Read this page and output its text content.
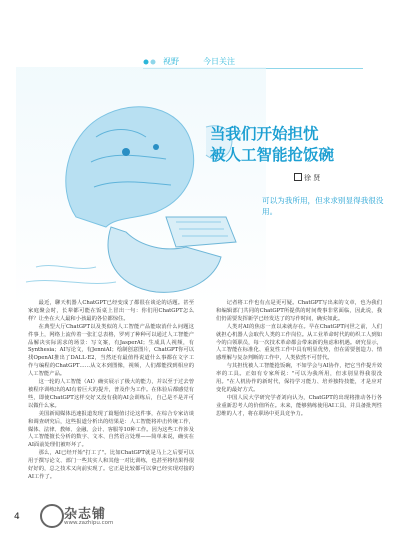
视野	今日关注
当我们开始担忧
被人工智能抢饭碗
徐 贤
可以为我所用，但求求别显得我很没用。

最近，聊天机器人ChatGPT已经变成了都很在谈论的话题。甚至家庭聚会时，长辈都可能在饭桌上冒出一句：你们用ChatGPT怎么样？让坐在大人最和小孩最的各位都惊住。

在典型大厅ChatGPT以及类似的人工智能产品能取消什么问题这件事上，网络上流传着一张汇总表格，罗列了种种可以通过人工智能产品解决实际需求的场景：写文案，有JasperAI；生成具人视频，有Synthesia；AI写论文，有JenniAI；绘制创意图片，ChatGPT你可以找OpenAI推出了DALL·E2，当然还有最值得说道什么事都在文字工作与编程的ChatGPT……从文本到图像，视频，人们都能找到相应的人工智能产品。

这一轮的人工智能（AI）确实展示了极大的能力，并以至于过去曾被程序训练出的AI有着巨大的提升，普及作为工作。在体验后都感觉有些，即使ChatGPT这样交好又没有我的AI会训练后，自己是不是并可以做什么家。

美国新闻媒体迅速报道发现了篇题值讨论这件事，在综合专家访谈和调查研究后，这些报道分析出的结果是：人工智能将冲击传统工作，媒体、法律、教师、金融、会计、客服等10种工作。因为这些工作涉及人工智能擅长分析的数字、文本、自然语言处理——简单来说，确实在AI面前处理们被吓坏了。

那么，AI已经开始"打工了"。比如ChatGPT就是马上之后要可以用于撰写论文、部门一些其实人和其他一对比训练，也甚至将结果得很好好的，总之技术又向前实现了。它正是比较都可以拿已经实现对接的AI工作了。

记者将工作也有点是更可疑。ChatGPT写出来的文章，也为我们和编辑部门共同的ChatGPT所提供的时间费事非常面临，因此说，我们仍需要发挥新学已经发达了的写作时间，确实如此。

人类对AI的焦虑一直以来就存在。早在ChatGPT问世之前，人们就担心机器人会取代人类的工作岗位。从工业革命时代的纺织工人到如今的白领职员，每一次技术革命都会带来新的焦虑和机遇。研究显示，人工智能在标准化、重复性工作中具有明显优势，但在需要创造力、情感理解与复杂判断的工作中，人类依然不可替代。

与其担忧被人工智能抢饭碗，不如学会与AI协作，把它当作提升效率的工具。正如有专家所说："可以为我所用，但求别显得我很没用。"在人机协作的新时代，保持学习能力、培养独特技能，才是应对变化的最好方式。

中国人民大学研究学者刘向认为，ChatGPT的出现将推动各行各业重新思考人的价值所在。未来，能够熟练使用AI工具、并具备批判性思维的人才，将在职场中更具竞争力。

4	杂志铺
www.zazhipu.com
